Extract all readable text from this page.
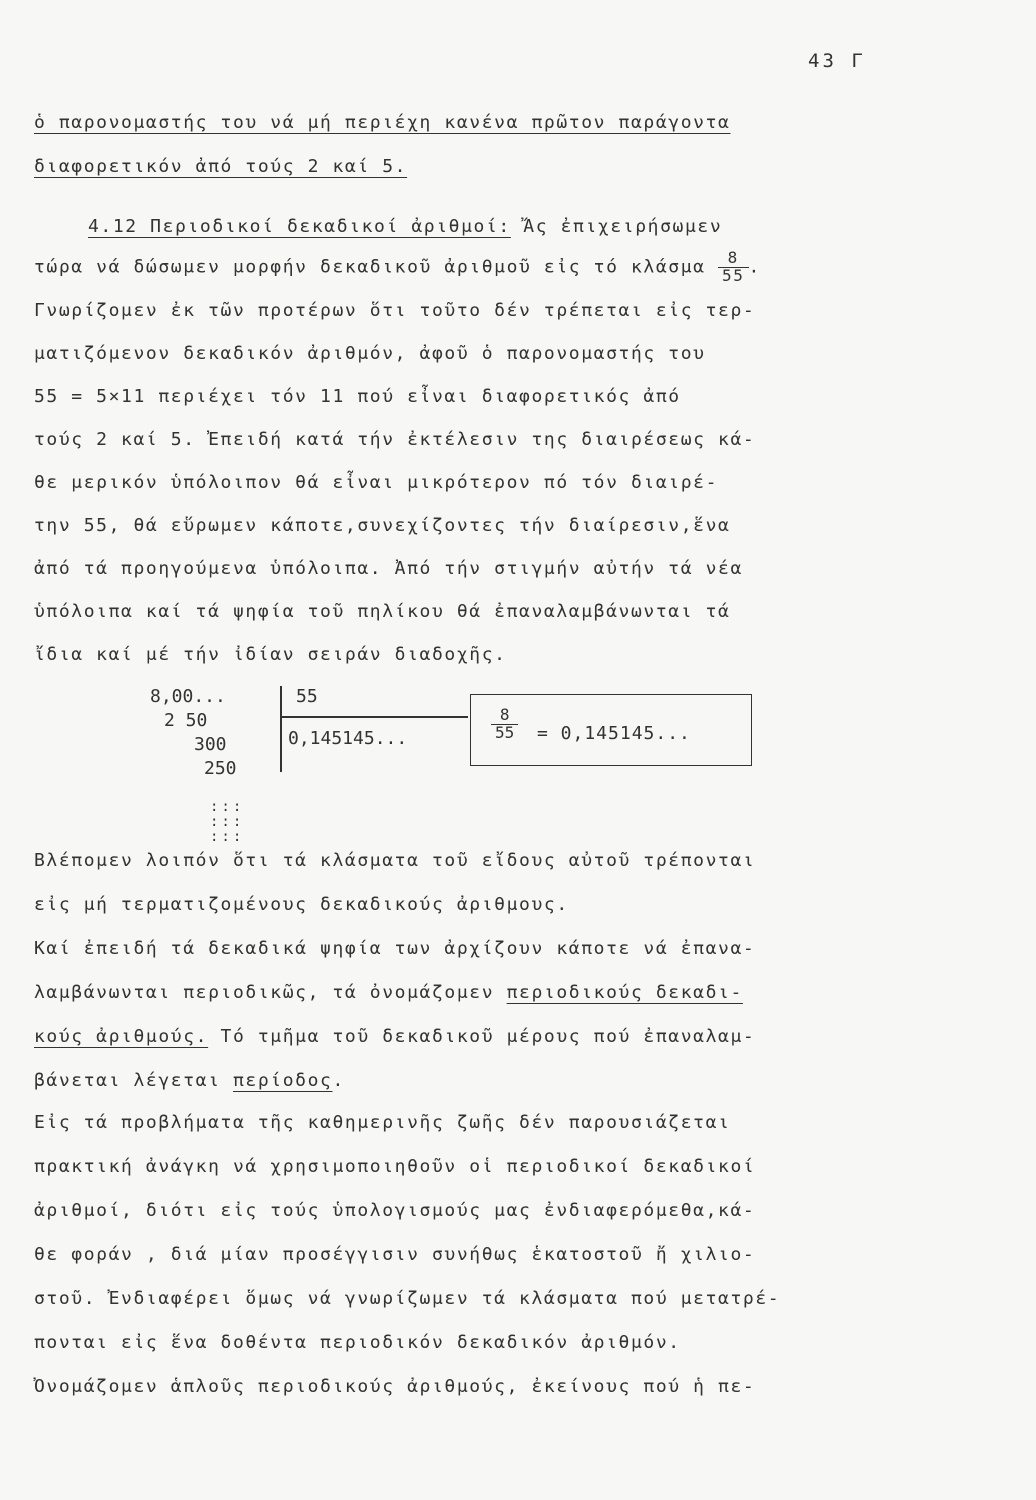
43 Γ
ὁ παρονομαστής του νά μή περιέχη κανένα πρῶτον παράγοντα
διαφορετικόν ἀπό τούς 2 καί 5.
4.12 Περιοδικοί δεκαδικοί ἀριθμοί: Ἄς ἐπιχειρήσωμεν
τώρα νά δώσωμεν μορφήν δεκαδικοῦ ἀριθμοῦ εἰς τό κλάσμα $\frac{8}{55}$ .
Γνωρίζομεν ἐκ τῶν προτέρων ὅτι τοῦτο δέν τρέπεται εἰς τερ-
ματιζόμενον δεκαδικόν ἀριθμόν, ἀφοῦ ὁ παρονομαστής του
55 = 5×11 περιέχει τόν 11 πού εἶναι διαφορετικός ἀπό
τούς 2 καί 5. Ἐπειδή κατά τήν ἐκτέλεσιν της διαιρέσεως κά-
θε μερικόν ὑπόλοιπον θά εἶναι μικρότερον πό τόν διαιρέ-
την 55, θά εὕρωμεν κάποτε,συνεχίζοντες τήν διαίρεσιν,ἕνα
ἀπό τά προηγούμενα ὑπόλοιπα. Ἀπό τήν στιγμήν αὐτήν τά νέα
ὑπόλοιπα καί τά ψηφία τοῦ πηλίκου θά ἐπαναλαμβάνωνται τά
ἴδια καί μέ τήν ἰδίαν σειράν διαδοχῆς.
8,00...
2 50
300
250
:::
:::
:::
55
0,145145...	$\frac{8}{55} = 0,145145$...
Βλέπομεν λοιπόν ὅτι τά κλάσματα τοῦ εἴδους αὐτοῦ τρέπονται
εἰς μή τερματιζομένους δεκαδικούς ἀριθμους.
Καί ἐπειδή τά δεκαδικά ψηφία των ἀρχίζουν κάποτε νά ἐπανα-
λαμβάνωνται περιοδικῶς, τά ὀνομάζομεν περιοδικούς δεκαδι-
κούς ἀριθμούς. Τό τμῆμα τοῦ δεκαδικοῦ μέρους πού ἐπαναλαμ-
βάνεται λέγεται περίοδος.
Εἰς τά προβλήματα τῆς καθημερινῆς ζωῆς δέν παρουσιάζεται
πρακτική ἀνάγκη νά χρησιμοποιηθοῦν οἱ περιοδικοί δεκαδικοί
ἀριθμοί, διότι εἰς τούς ὑπολογισμούς μας ἐνδιαφερόμεθα,κά-
θε φοράν , διά μίαν προσέγγισιν συνήθως ἑκατοστοῦ ἤ χιλιο-
στοῦ. Ἐνδιαφέρει ὅμως νά γνωρίζωμεν τά κλάσματα πού μετατρέ-
πονται εἰς ἕνα δοθέντα περιοδικόν δεκαδικόν ἀριθμόν.
Ὀνομάζομεν ἁπλοῦς περιοδικούς ἀριθμούς, ἐκείνους πού ἡ πε-
